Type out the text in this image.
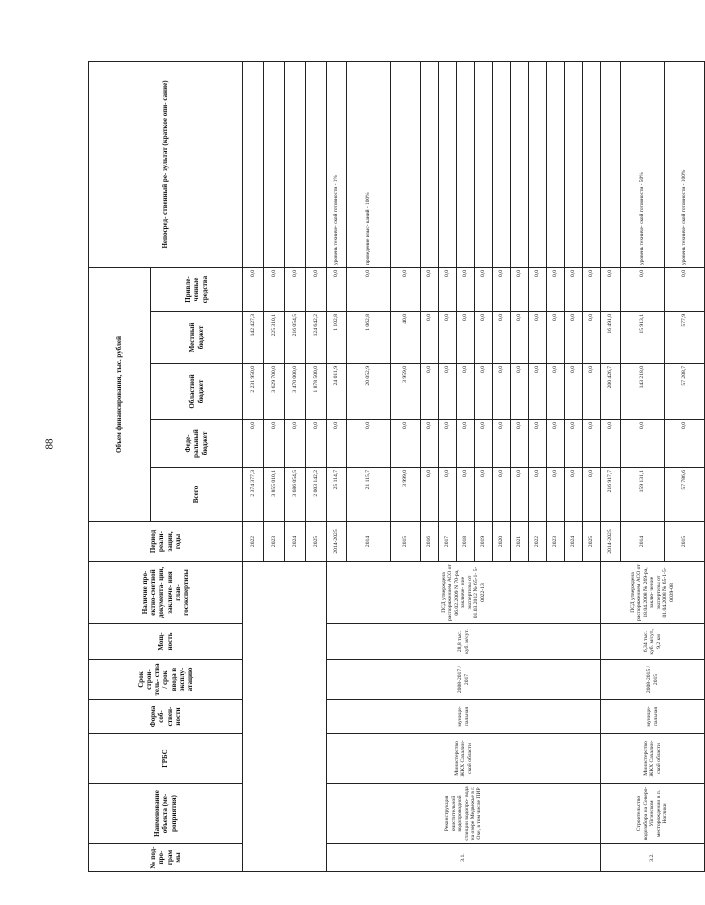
88
№ под- про- грам мы	Наименование объекта (ме- роприятия)	ГРБС	Форма соб- ствен- ности	Срок строи- тель- ства / срок ввода в эксплу- атацию	Мощ- ность	Наличие про- ектно-сметной документа- ции, заключе- ния глав- госэкспертизы	Период реали- зации, годы	Объем финансирования, тыс. рублей					Непосред- ственный ре- зультат (краткое опи- сание)
								Всего	Феде- ральный бюджет	Областной бюджет	Местный бюджет	Привле- ченные средства	
							2022	2 374 377,3	0,0	2 231 950,0	142 427,3	0,0	
							2023	3 855 010,1	0,0	3 629 700,0	225 310,1	0,0	
							2024	3 686 054,5	0,0	3 470 000,0	216 054,5	0,0	
							2025	2 003 142,2	0,0	1 878 500,0	124 642,2	0,0	
3.1.	Реконструкция очистительной водопроводной станции водопро- вода на озере Медвежье в г. Охе, в том числе ПИР	Министерство ЖКХ Сахалин- ской области	муници- пальная	2008-2017 / 2017	28,8 тыс. куб. м/сут.	ПСД утверждена распоряжением АСО от 06.02.2009 N 70-ра, заключе- ние экспертизы от 01.03.2012 № 65-1- 5-0022-13	2014-2025	25 114,7	0,0	24 011,9	1 102,8	0,0	уровень техниче- ской готовности - 1%
							2014	21 115,7	0,0	20 052,9	1 062,8	0,0	проведение изыс- каний - 100%
							2015	3 999,0	0,0	3 959,0	40,0	0,0	
							2016	0,0	0,0	0,0	0,0	0,0	
							2017	0,0	0,0	0,0	0,0	0,0	
							2018	0,0	0,0	0,0	0,0	0,0	
							2019	0,0	0,0	0,0	0,0	0,0	
							2020	0,0	0,0	0,0	0,0	0,0	
							2021	0,0	0,0	0,0	0,0	0,0	
							2022	0,0	0,0	0,0	0,0	0,0	
							2023	0,0	0,0	0,0	0,0	0,0	
							2024	0,0	0,0	0,0	0,0	0,0	
							2025	0,0	0,0	0,0	0,0	0,0	
3.2.	Строительство водозабора на Северо- Уйгинском месторождении в п. Ноглики	Министерство ЖКХ Сахалин- ской области	муници- пальная	2008-2015 / 2015	6,34 тыс. куб. м/сут., 9,2 км	ПСД утверждена распоряжением АСО от 18.04.2008 № 269-ра, заклю- чение экспертизы от 01.04.2008 № 65-1-5-0039-08	2014-2025	216 917,7	0,0	200 426,7	16 491,0	0,0	
							2014	159 131,1	0,0	143 218,0	15 913,1	0,0	уровень техниче- ской готовности - 50%
							2015	57 786,6	0,0	57 208,7	577,9	0,0	уровень техниче- ской готовности - 100%
